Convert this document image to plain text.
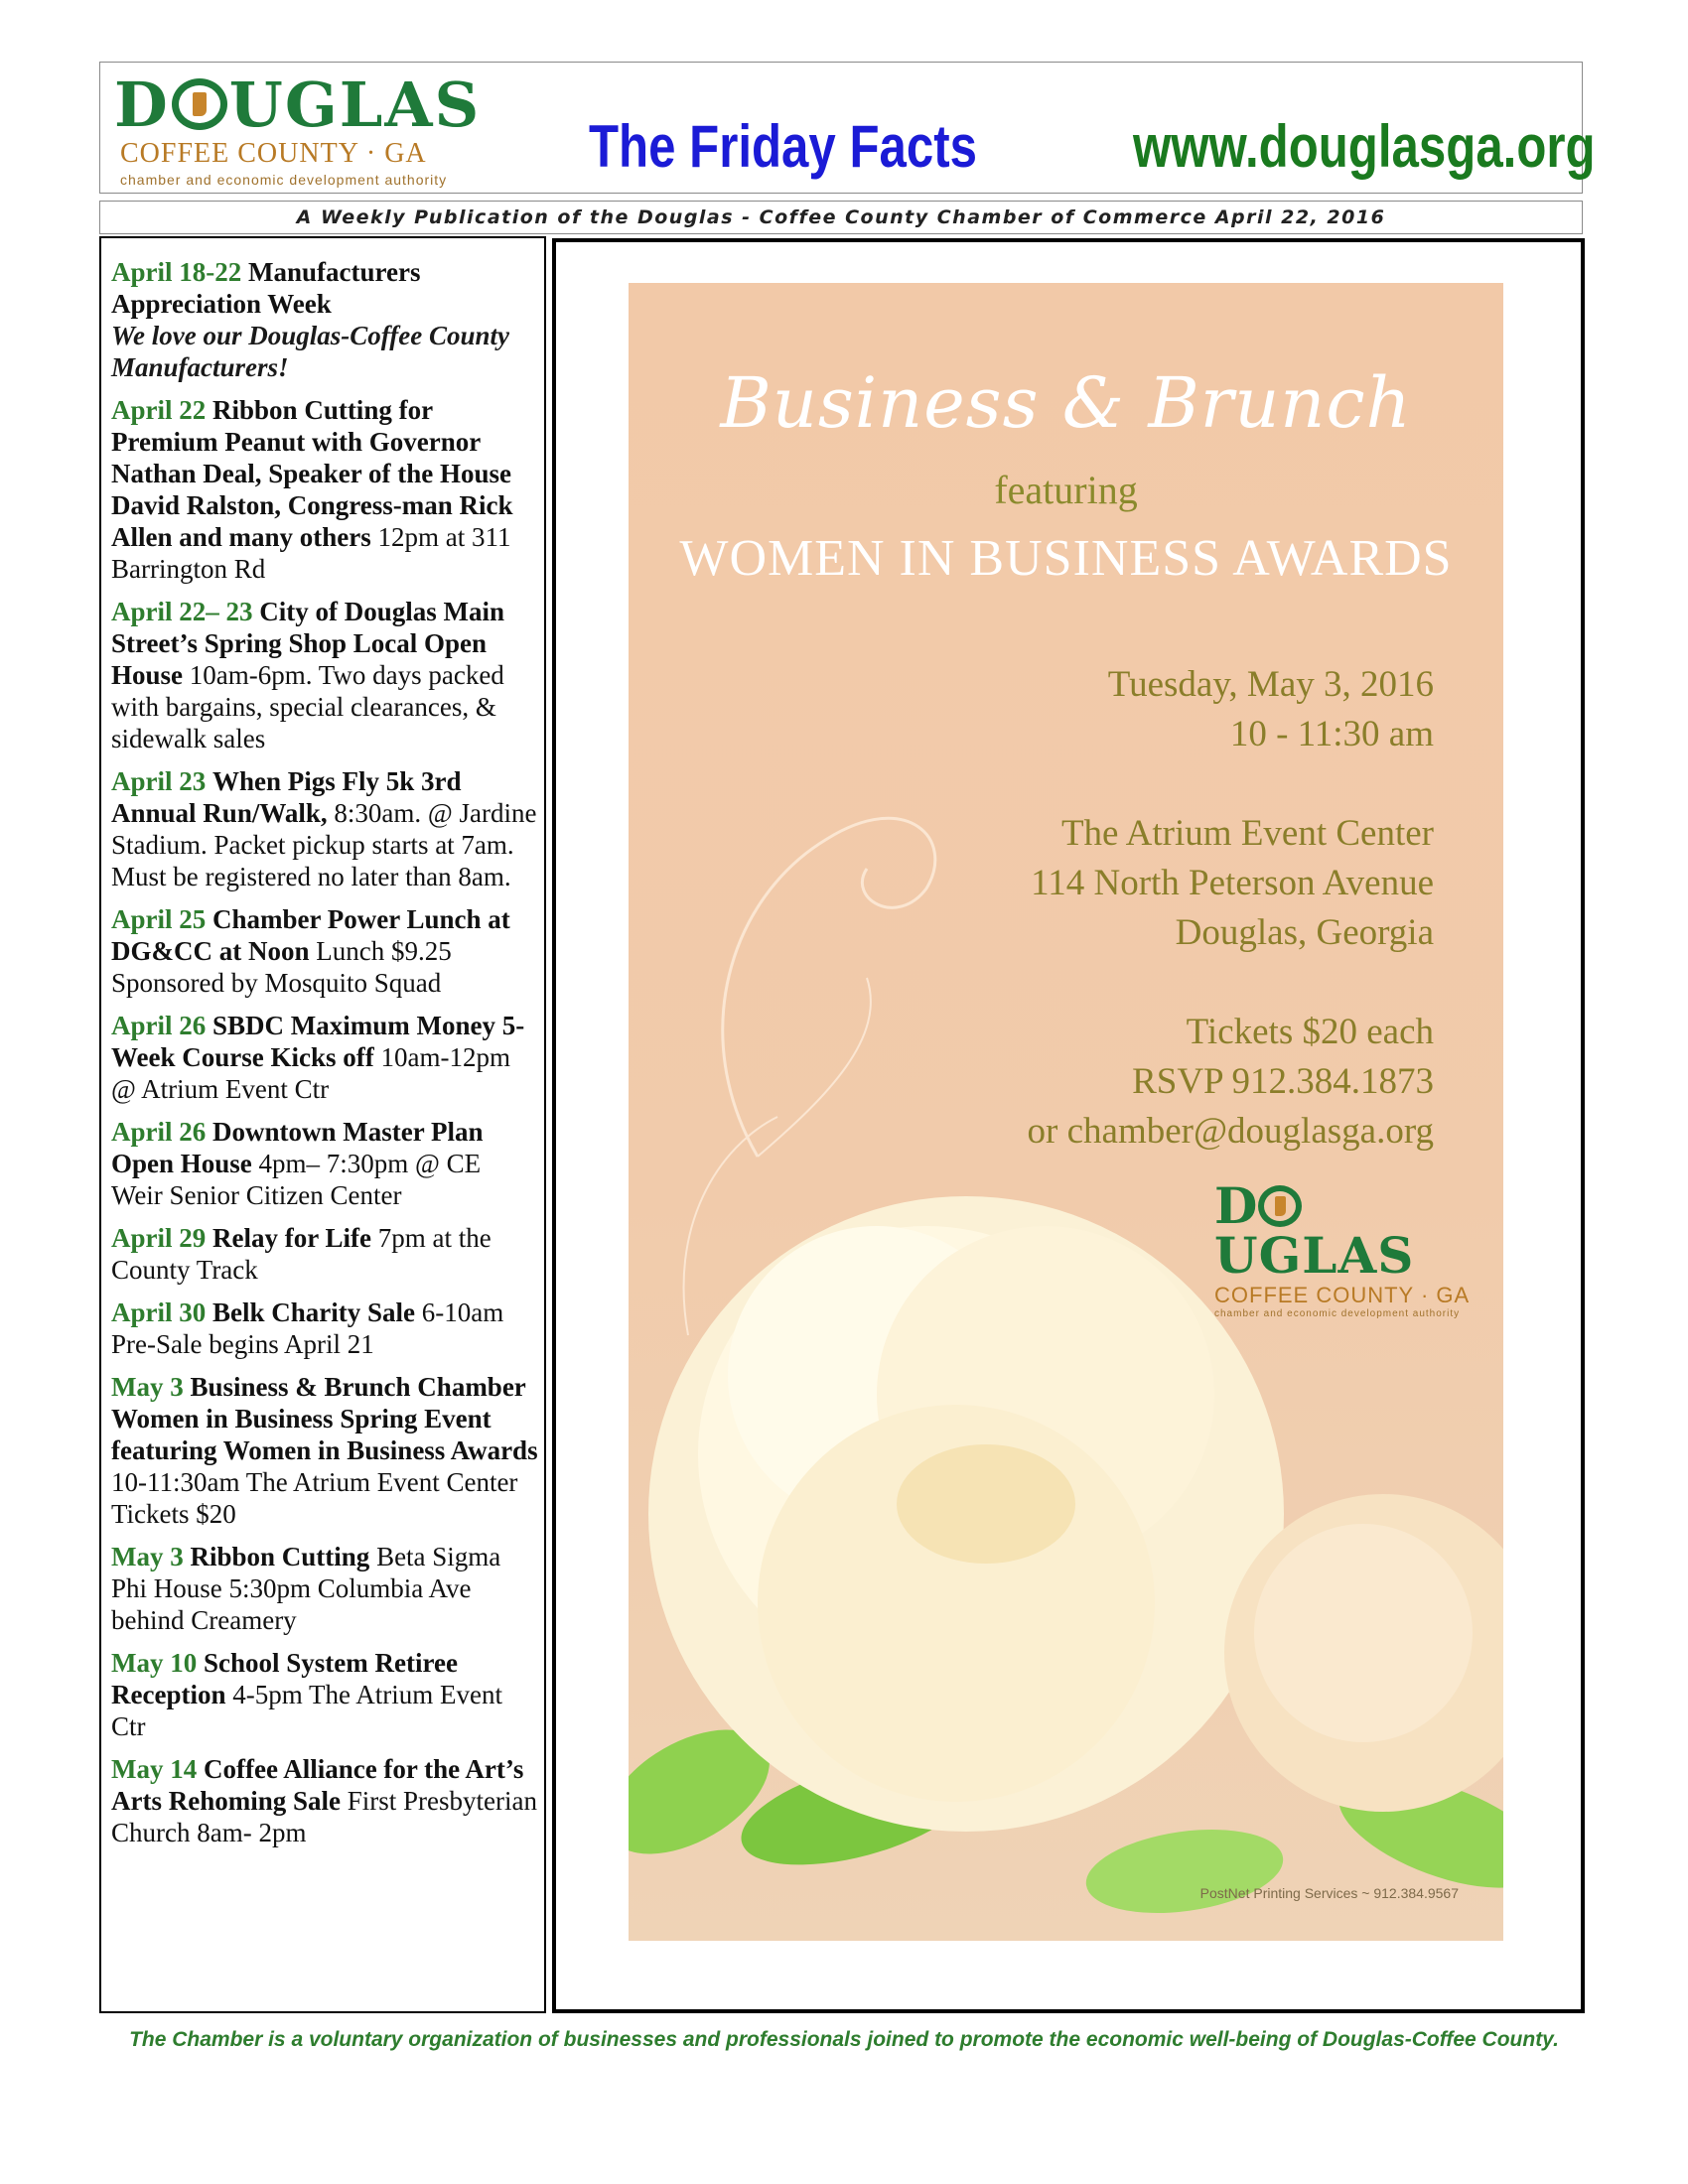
D UGLAS
COFFEE COUNTY · GA
chamber and economic development authority The Friday Facts	www.douglasga.org
A Weekly Publication of the Douglas - Coffee County Chamber of Commerce April 22, 2016
April 18-22 Manufacturers Appreciation Week
We love our Douglas-Coffee County Manufacturers!
April 22 Ribbon Cutting for Premium Peanut with Governor Nathan Deal, Speaker of the House David Ralston, Congress-man Rick Allen and many others 12pm at 311 Barrington Rd
April 22– 23 City of Douglas Main Street’s Spring Shop Local Open House 10am-6pm. Two days packed with bargains, special clearances, & sidewalk sales
April 23 When Pigs Fly 5k 3rd Annual Run/Walk, 8:30am. @ Jardine Stadium. Packet pickup starts at 7am. Must be registered no later than 8am.
April 25 Chamber Power Lunch at DG&CC at Noon Lunch $9.25 Sponsored by Mosquito Squad
April 26 SBDC Maximum Money 5-Week Course Kicks off 10am-12pm @ Atrium Event Ctr
April 26 Downtown Master Plan Open House 4pm– 7:30pm @ CE Weir Senior Citizen Center
April 29 Relay for Life 7pm at the County Track
April 30 Belk Charity Sale 6-10am Pre-Sale begins April 21
May 3 Business & Brunch Chamber Women in Business Spring Event featuring Women in Business Awards 10-11:30am The Atrium Event Center Tickets $20
May 3 Ribbon Cutting Beta Sigma Phi House 5:30pm Columbia Ave behind Creamery
May 10 School System Retiree Reception 4-5pm The Atrium Event Ctr
May 14 Coffee Alliance for the Art’s Arts Rehoming Sale First Presbyterian Church 8am- 2pm
Business & Brunch
featuring
WOMEN IN BUSINESS AWARDS
Tuesday, May 3, 2016
10 - 11:30 am
The Atrium Event Center
114 North Peterson Avenue
Douglas, Georgia
Tickets $20 each
RSVP 912.384.1873
or chamber@douglasga.org
D
UGLAS
COFFEE COUNTY · GA
chamber and economic development authority
PostNet Printing Services ~ 912.384.9567
The Chamber is a voluntary organization of businesses and professionals joined to promote the economic well-being of Douglas-Coffee County.
